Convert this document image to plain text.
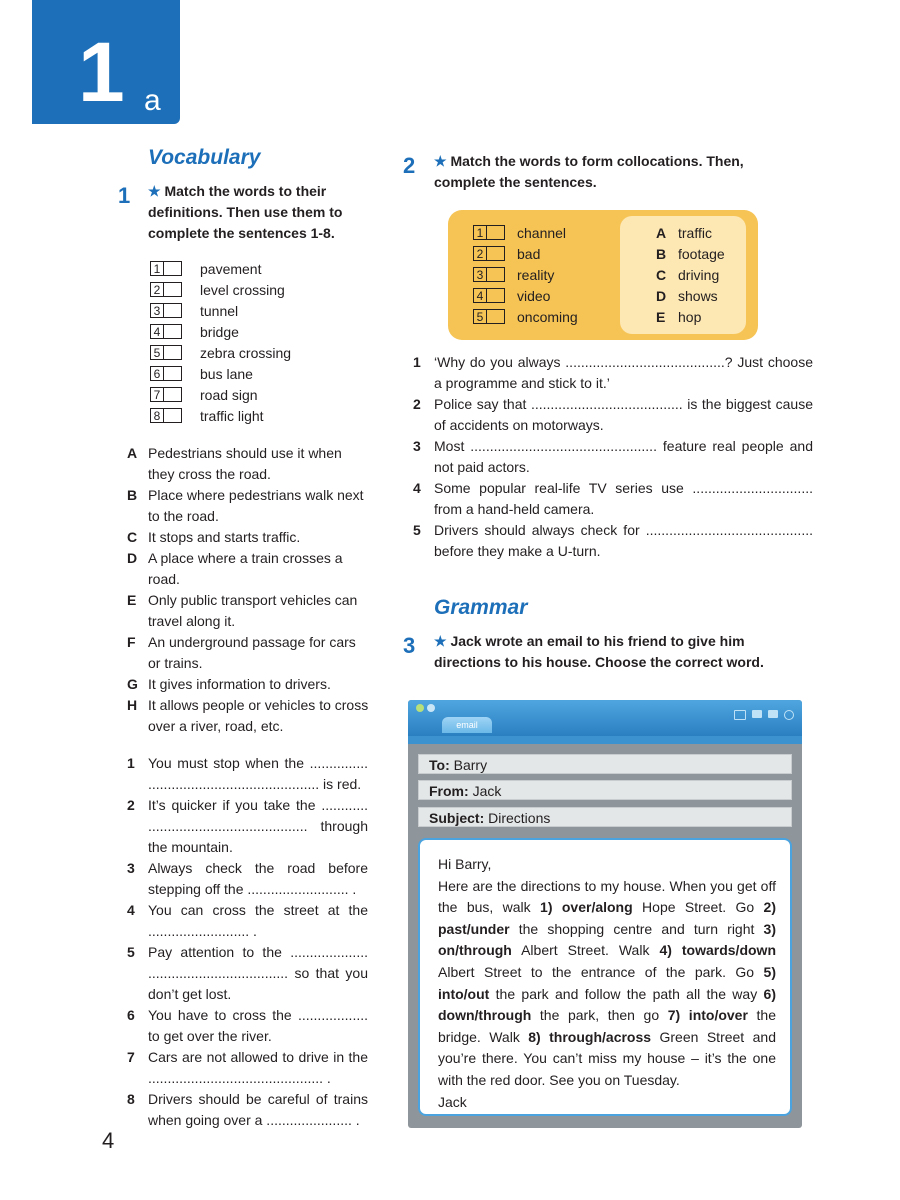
1 a
Vocabulary
1 ★ Match the words to their definitions. Then use them to complete the sentences 1-8.
1	pavement
2	level crossing
3	tunnel
4	bridge
5	zebra crossing
6	bus lane
7	road sign
8	traffic light
A Pedestrians should use it when they cross the road.
B Place where pedestrians walk next to the road.
C It stops and starts traffic.
D A place where a train crosses a road.
E Only public transport vehicles can travel along it.
F An underground passage for cars or trains.
G It gives information to drivers.
H It allows people or vehicles to cross over a river, road, etc.
1 You must stop when the ............... ............................................ is red.
2 It’s quicker if you take the ............ ......................................... through the mountain.
3 Always check the road before stepping off the .......................... .
4 You can cross the street at the .......................... .
5 Pay attention to the .................... .................................... so that you don’t get lost.
6 You have to cross the .................. to get over the river.
7 Cars are not allowed to drive in the ............................................. .
8 Drivers should be careful of trains when going over a ...................... .
2 ★ Match the words to form collocations. Then, complete the sentences.
1 channel
2 bad
3 reality
4 video
5 oncoming
A traffic
B footage
C driving
D shows
E hop
1 ‘Why do you always .........................................? Just choose a programme and stick to it.’
2 Police say that ....................................... is the biggest cause of accidents on motorways.
3 Most ................................................ feature real people and not paid actors.
4 Some popular real-life TV series use ............................... from a hand-held camera.
5 Drivers should always check for ........................................... before they make a U-turn.
Grammar
3 ★ Jack wrote an email to his friend to give him directions to his house. Choose the correct word.
email
To: Barry
From: Jack
Subject: Directions
Hi Barry,
Here are the directions to my house. When you get off the bus, walk 1) over/along Hope Street. Go 2) past/under the shopping centre and turn right 3) on/through Albert Street. Walk 4) towards/down Albert Street to the entrance of the park. Go 5) into/out the park and follow the path all the way 6) down/through the park, then go 7) into/over the bridge. Walk 8) through/across Green Street and you’re there. You can’t miss my house – it’s the one with the red door. See you on Tuesday.
Jack
4
